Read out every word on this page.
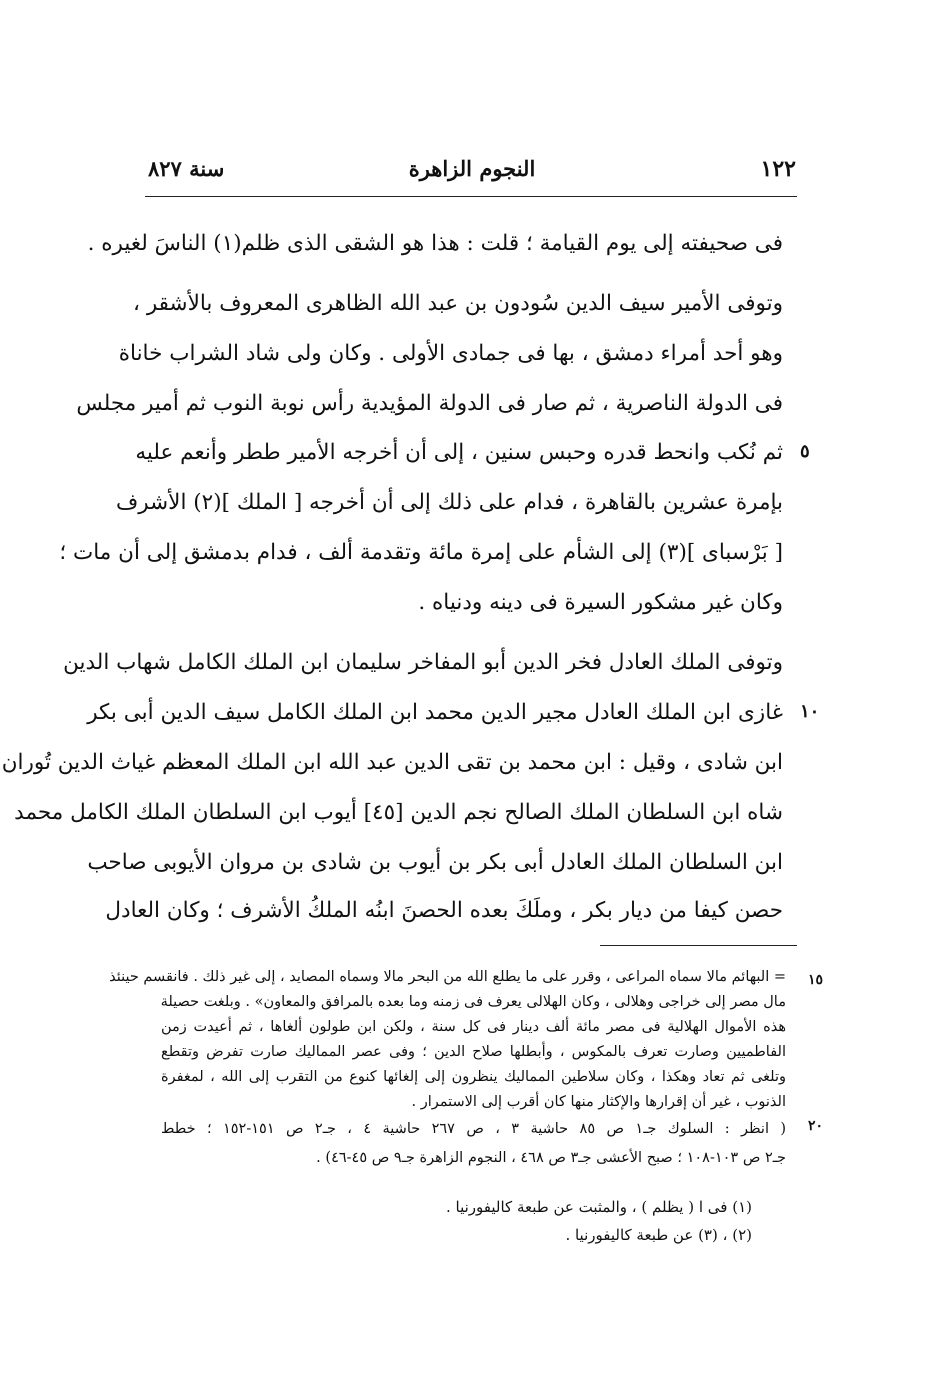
١٢٢
النجوم الزاهرة
سنة ٨٢٧
فى صحيفته إلى يوم القيامة ؛ قلت : هذا هو الشقى الذى ظلم(١) الناسَ لغيره .
وتوفى الأمير سيف الدين سُودون بن عبد الله الظاهرى المعروف بالأشقر ،
وهو أحد أمراء دمشق ، بها فى جمادى الأولى . وكان ولى شاد الشراب خاناة
فى الدولة الناصرية ، ثم صار فى الدولة المؤيدية رأس نوبة النوب ثم أمير مجلس
ثم نُكب وانحط قدره وحبس سنين ، إلى أن أخرجه الأمير ططر وأنعم عليه ٥
بإمرة عشرين بالقاهرة ، فدام على ذلك إلى أن أخرجه [ الملك ](٢) الأشرف
[ بَرْسباى ](٣) إلى الشأم على إمرة مائة وتقدمة ألف ، فدام بدمشق إلى أن مات ؛
وكان غير مشكور السيرة فى دينه ودنياه .
وتوفى الملك العادل فخر الدين أبو المفاخر سليمان ابن الملك الكامل شهاب الدين
غازى ابن الملك العادل مجير الدين محمد ابن الملك الكامل سيف الدين أبى بكر ١٠
ابن شادى ، وقيل : ابن محمد بن تقى الدين عبد الله ابن الملك المعظم غياث الدين تُوران
شاه ابن السلطان الملك الصالح نجم الدين [٤٥] أيوب ابن السلطان الملك الكامل محمد
ابن السلطان الملك العادل أبى بكر بن أيوب بن شادى بن مروان الأيوبى صاحب
حصن كيفا من ديار بكر ، وملَكَ بعده الحصنَ ابنُه الملكُ الأشرف ؛ وكان العادل
١٥
= البهائم مالا سماه المراعى ، وقرر على ما يطلع الله من البحر مالا وسماه المصايد ، إلى غير ذلك . فانقسم حينئذ
مال مصر إلى خراجى وهلالى ، وكان الهلالى يعرف فى زمنه وما بعده بالمرافق والمعاون» . وبلغت حصيلة
هذه الأموال الهلالية فى مصر مائة ألف دينار فى كل سنة ، ولكن ابن طولون ألغاها ، ثم أعيدت زمن
الفاطميين وصارت تعرف بالمكوس ، وأبطلها صلاح الدين ؛ وفى عصر المماليك صارت تفرض وتقطع
وتلغى ثم تعاد وهكذا ، وكان سلاطين المماليك ينظرون إلى إلغائها كنوع من التقرب إلى الله ، لمغفرة
الذنوب ، غير أن إقرارها والإكثار منها كان أقرب إلى الاستمرار .
٢٠
( انظر : السلوك جـ١ ص ٨٥ حاشية ٣ ، ص ٢٦٧ حاشية ٤ ، جـ٢ ص ١٥١-١٥٢ ؛ خطط
جـ٢ ص ١٠٣-١٠٨ ؛ صبح الأعشى جـ٣ ص ٤٦٨ ، النجوم الزاهرة جـ٩ ص ٤٥-٤٦) .
(١) فى ا ( يظلم ) ، والمثبت عن طبعة كاليفورنيا .
(٢) ، (٣) عن طبعة كاليفورنيا .
